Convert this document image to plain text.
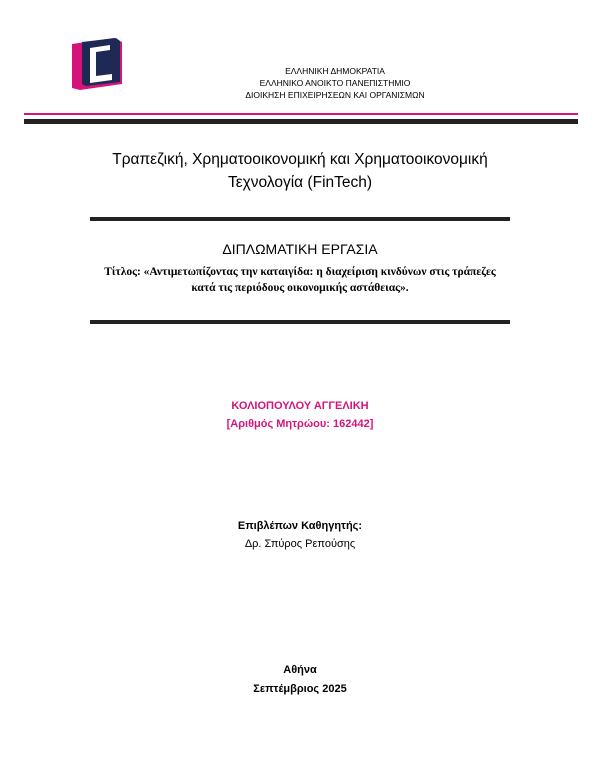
ΕΛΛΗΝΙΚΗ ΔΗΜΟΚΡΑΤΙΑ
ΕΛΛΗΝΙΚΟ ΑΝΟΙΚΤΟ ΠΑΝΕΠΙΣΤΗΜΙΟ
ΔΙΟΙΚΗΣΗ ΕΠΙΧΕΙΡΗΣΕΩΝ ΚΑΙ ΟΡΓΑΝΙΣΜΩΝ
Τραπεζική, Χρηματοοικονομική και Χρηματοοικονομική
Τεχνολογία (FinTech)
ΔΙΠΛΩΜΑΤΙΚΗ ΕΡΓΑΣΙΑ
Τίτλος: «Αντιμετωπίζοντας την καταιγίδα: η διαχείριση κινδύνων στις τράπεζες
κατά τις περιόδους οικονομικής αστάθειας».
ΚΟΛΙΟΠΟΥΛΟΥ ΑΓΓΕΛΙΚΗ
[Αριθμός Μητρώου: 162442]
Επιβλέπων Καθηγητής:
Δρ. Σπύρος Ρεπούσης
Αθήνα
Σεπτέμβριος 2025
